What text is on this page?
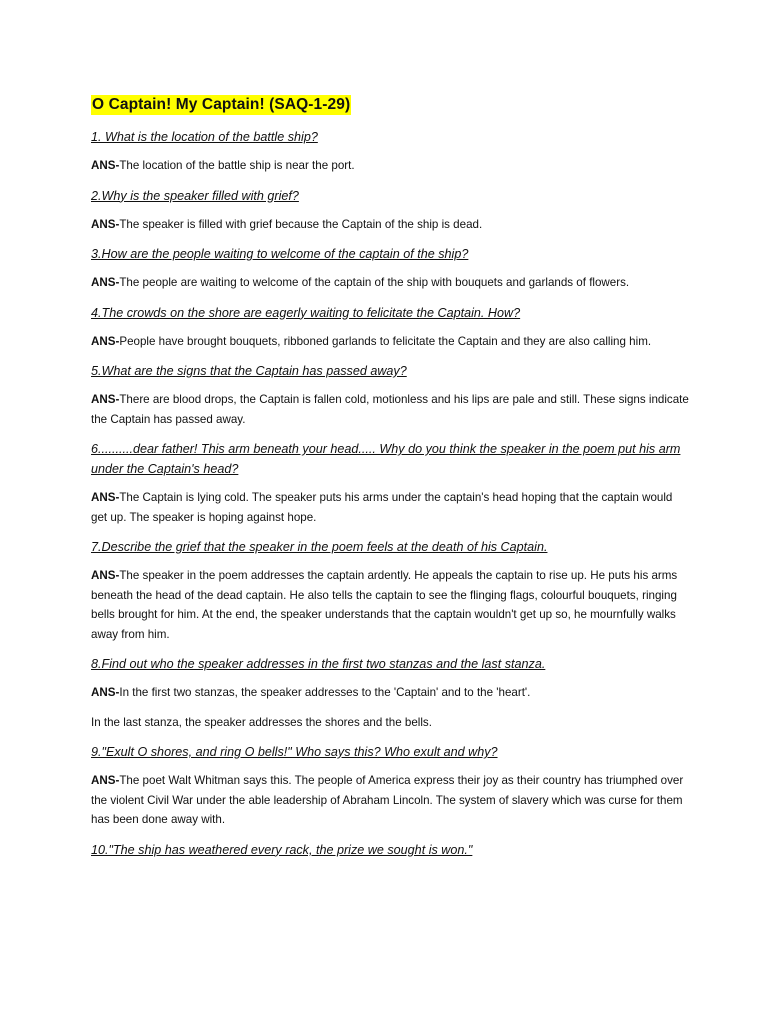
O Captain! My Captain! (SAQ-1-29)

1. What is the location of the battle ship?

ANS-The location of the battle ship is near the port.

2.Why is the speaker filled with grief?

ANS-The speaker is filled with grief because the Captain of the ship is dead.

3.How are the people waiting to welcome of the captain of the ship?

ANS-The people are waiting to welcome of the captain of the ship with bouquets and garlands of flowers.

4.The crowds on the shore are eagerly waiting to felicitate the Captain. How?

ANS-People have brought bouquets, ribboned garlands to felicitate the Captain and they are also calling him.

5.What are the signs that the Captain has passed away?

ANS-There are blood drops, the Captain is fallen cold, motionless and his lips are pale and still. These signs indicate the Captain has passed away.

6..........dear father! This arm beneath your head..... Why do you think the speaker in the poem put his arm under the Captain's head?

ANS-The Captain is lying cold. The speaker puts his arms under the captain's head hoping that the captain would get up. The speaker is hoping against hope.

7.Describe the grief that the speaker in the poem feels at the death of his Captain.

ANS-The speaker in the poem addresses the captain ardently. He appeals the captain to rise up. He puts his arms beneath the head of the dead captain. He also tells the captain to see the flinging flags, colourful bouquets, ringing bells brought for him. At the end, the speaker understands that the captain wouldn't get up so, he mournfully walks away from him.

8.Find out who the speaker addresses in the first two stanzas and the last stanza.

ANS-In the first two stanzas, the speaker addresses to the 'Captain' and to the 'heart'.

In the last stanza, the speaker addresses the shores and the bells.

9."Exult O shores, and ring O bells!" Who says this? Who exult and why?

ANS-The poet Walt Whitman says this. The people of America express their joy as their country has triumphed over the violent Civil War under the able leadership of Abraham Lincoln. The system of slavery which was curse for them has been done away with.

10."The ship has weathered every rack, the prize we sought is won."
